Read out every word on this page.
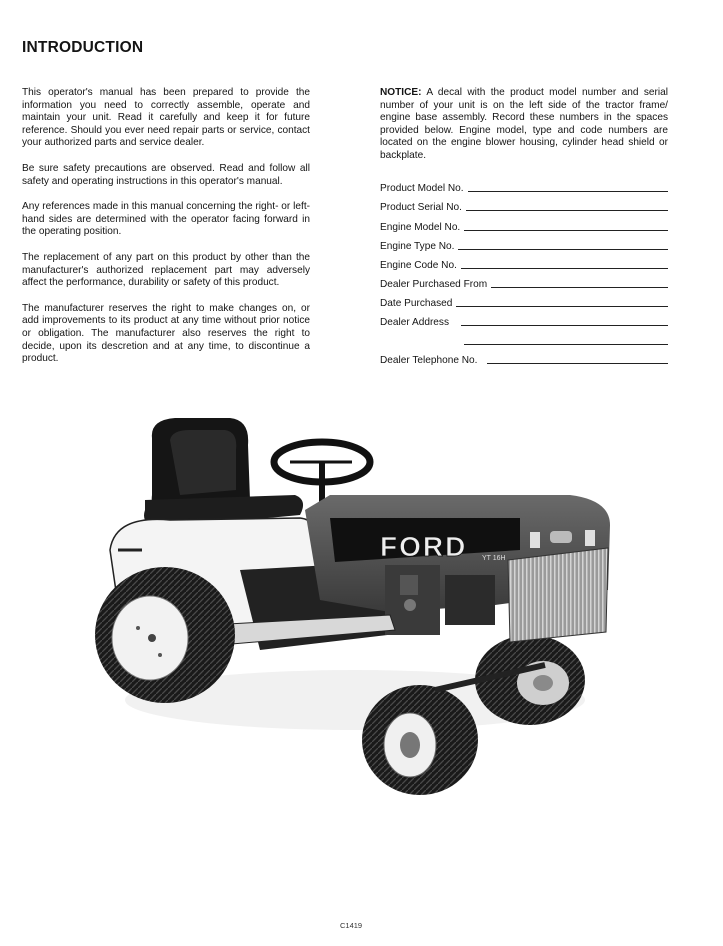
INTRODUCTION

This operator's manual has been prepared to provide the information you need to correctly assemble, operate and maintain your unit. Read it carefully and keep it for future reference. Should you ever need repair parts or service, contact your authorized parts and service dealer.

Be sure safety precautions are observed. Read and follow all safety and operating instructions in this operator's manual.

Any references made in this manual concerning the right- or left-hand sides are determined with the operator facing forward in the operating position.

The replacement of any part on this product by other than the manufacturer's authorized replacement part may adversely affect the performance, durability or safety of this product.

The manufacturer reserves the right to make changes on, or add improvements to its product at any time without prior notice or obligation. The manufacturer also reserves the right to decide, upon its descretion and at any time, to discontinue a product.

NOTICE: A decal with the product model number and serial number of your unit is on the left side of the tractor frame/ engine base assembly. Record these numbers in the spaces provided below. Engine model, type and code numbers are located on the engine blower housing, cylinder head shield or backplate.
Product Model No.
Product Serial No.
Engine Model No.
Engine Type No.
Engine Code No.
Dealer Purchased From
Date Purchased
Dealer Address
Dealer Telephone No.
FORD YT 16H
C1419
